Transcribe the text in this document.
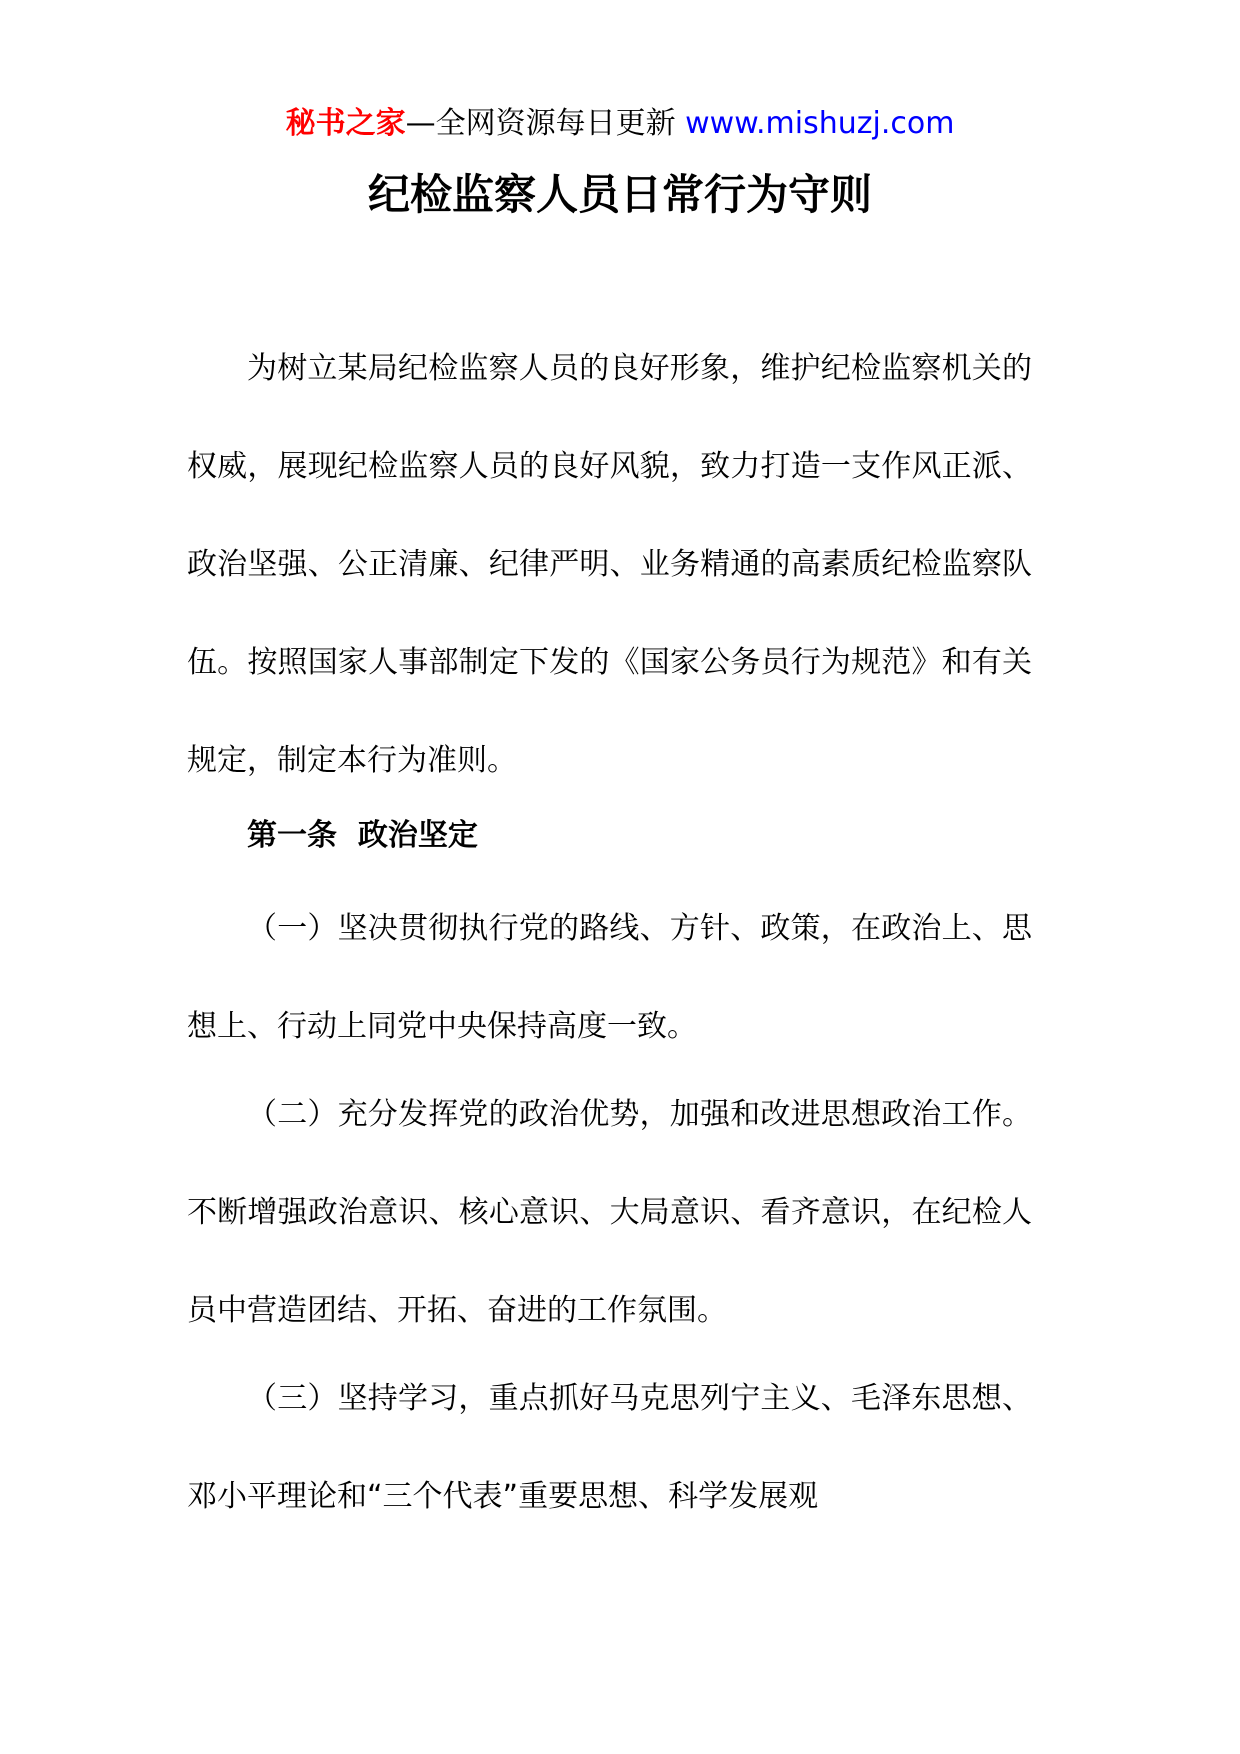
秘书之家—全网资源每日更新 www.mishuzj.com
纪检监察人员日常行为守则

为树立某局纪检监察人员的良好形象，维护纪检监察机关的权威，展现纪检监察人员的良好风貌，致力打造一支作风正派、政治坚强、公正清廉、纪律严明、业务精通的高素质纪检监察队伍。按照国家人事部制定下发的《国家公务员行为规范》和有关规定，制定本行为准则。

第一条  政治坚定

（一）坚决贯彻执行党的路线、方针、政策，在政治上、思想上、行动上同党中央保持高度一致。

（二）充分发挥党的政治优势，加强和改进思想政治工作。不断增强政治意识、核心意识、大局意识、看齐意识，在纪检人员中营造团结、开拓、奋进的工作氛围。

（三）坚持学习，重点抓好马克思列宁主义、毛泽东思想、邓小平理论和“三个代表”重要思想、科学发展观
